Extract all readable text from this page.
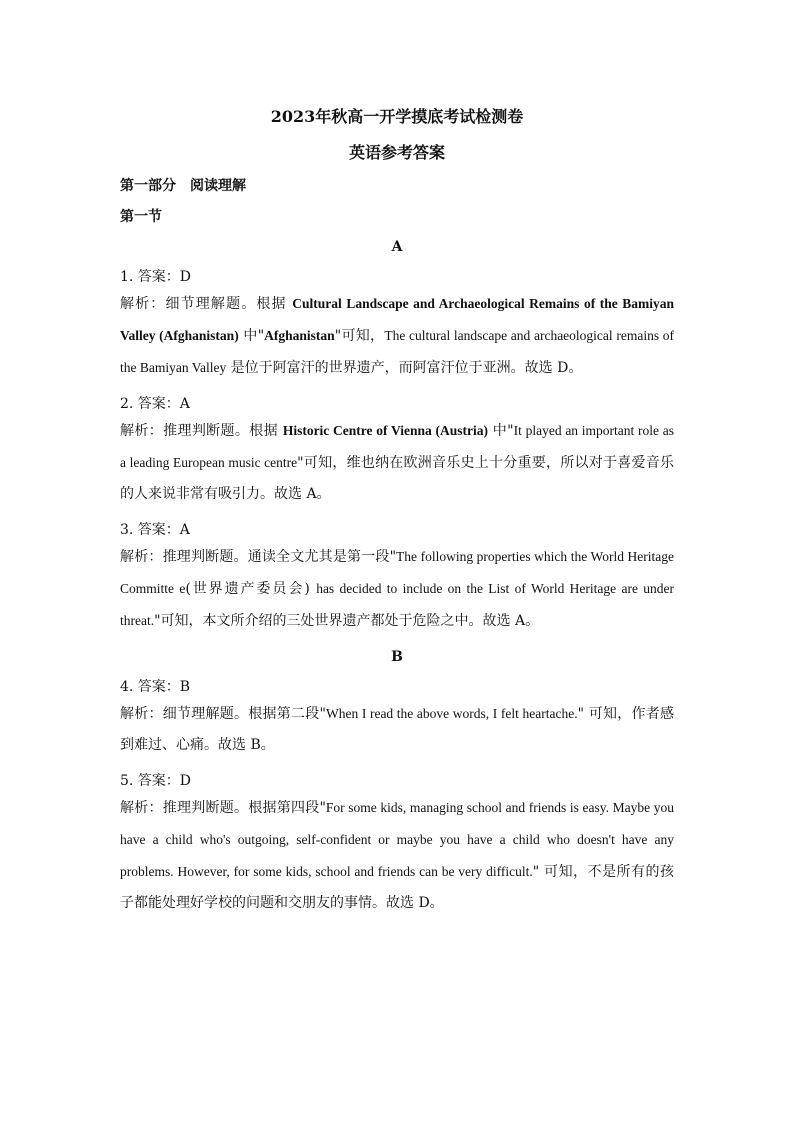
2023年秋高一开学摸底考试检测卷
英语参考答案
第一部分　阅读理解
第一节
A
1. 答案：D
解析：细节理解题。根据 Cultural Landscape and Archaeological Remains of the Bamiyan Valley (Afghanistan) 中"Afghanistan"可知，The cultural landscape and archaeological remains of the Bamiyan Valley 是位于阿富汗的世界遗产，而阿富汗位于亚洲。故选 D。
2. 答案：A
解析：推理判断题。根据 Historic Centre of Vienna (Austria) 中"It played an important role as a leading European music centre"可知，维也纳在欧洲音乐史上十分重要，所以对于喜爱音乐的人来说非常有吸引力。故选 A。
3. 答案：A
解析：推理判断题。通读全文尤其是第一段"The following properties which the World Heritage Committe e(世界遗产委员会) has decided to include on the List of World Heritage are under threat."可知，本文所介绍的三处世界遗产都处于危险之中。故选 A。
B
4. 答案：B
解析：细节理解题。根据第二段"When I read the above words, I felt heartache." 可知，作者感到难过、心痛。故选 B。
5. 答案：D
解析：推理判断题。根据第四段"For some kids, managing school and friends is easy. Maybe you have a child who's outgoing, self-confident or maybe you have a child who doesn't have any problems. However, for some kids, school and friends can be very difficult." 可知，不是所有的孩子都能处理好学校的问题和交朋友的事情。故选 D。
